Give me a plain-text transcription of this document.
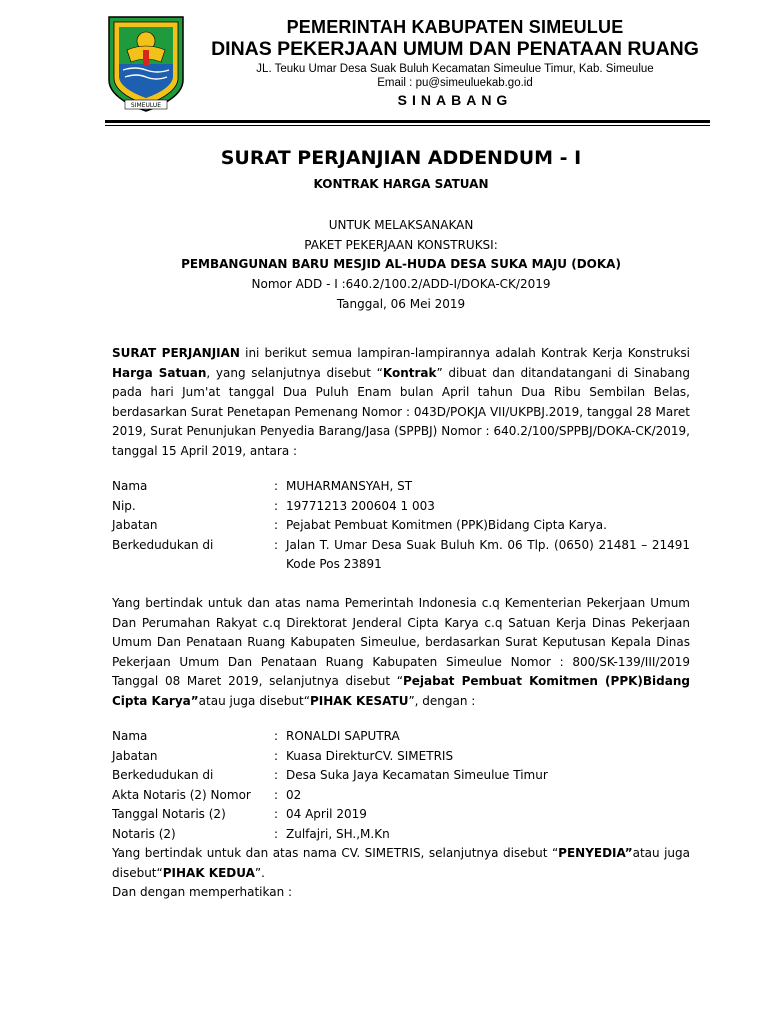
SIMEULUE
PEMERINTAH KABUPATEN SIMEULUE
DINAS PEKERJAAN UMUM DAN PENATAAN RUANG
JL. Teuku Umar Desa Suak Buluh Kecamatan Simeulue Timur, Kab. Simeulue
Email : pu@simeuluekab.go.id
SINABANG
SURAT PERJANJIAN ADDENDUM - I
KONTRAK HARGA SATUAN
UNTUK MELAKSANAKAN
PAKET PEKERJAAN KONSTRUKSI:
PEMBANGUNAN BARU MESJID AL-HUDA DESA SUKA MAJU (DOKA)
Nomor ADD - I :640.2/100.2/ADD-I/DOKA-CK/2019
Tanggal, 06 Mei 2019
SURAT PERJANJIAN ini berikut semua lampiran-lampirannya adalah Kontrak Kerja Konstruksi Harga Satuan, yang selanjutnya disebut “Kontrak” dibuat dan ditandatangani di Sinabang pada hari Jum'at tanggal Dua Puluh Enam bulan April tahun Dua Ribu Sembilan Belas, berdasarkan Surat Penetapan Pemenang Nomor : 043D/POKJA VII/UKPBJ.2019, tanggal 28 Maret 2019, Surat Penunjukan Penyedia Barang/Jasa (SPPBJ) Nomor : 640.2/100/SPPBJ/DOKA-CK/2019, tanggal 15 April 2019, antara :
Nama	: MUHARMANSYAH, ST
Nip.	: 19771213 200604 1 003
Jabatan	: Pejabat Pembuat Komitmen (PPK)Bidang Cipta Karya.
Berkedudukan di	: Jalan T. Umar Desa Suak Buluh Km. 06 Tlp. (0650) 21481 – 21491 Kode Pos 23891
Yang bertindak untuk dan atas nama Pemerintah Indonesia c.q Kementerian Pekerjaan Umum Dan Perumahan Rakyat c.q Direktorat Jenderal Cipta Karya c.q Satuan Kerja Dinas Pekerjaan Umum Dan Penataan Ruang Kabupaten Simeulue, berdasarkan Surat Keputusan Kepala Dinas Pekerjaan Umum Dan Penataan Ruang Kabupaten Simeulue Nomor : 800/SK-139/III/2019 Tanggal 08 Maret 2019, selanjutnya disebut “Pejabat Pembuat Komitmen (PPK)Bidang Cipta Karya”atau juga disebut“PIHAK KESATU”, dengan :
Nama	: RONALDI SAPUTRA
Jabatan	: Kuasa DirekturCV. SIMETRIS
Berkedudukan di	: Desa Suka Jaya Kecamatan Simeulue Timur
Akta Notaris (2) Nomor	: 02
Tanggal Notaris (2)	: 04 April 2019
Notaris (2)	: Zulfajri, SH.,M.Kn

Yang bertindak untuk dan atas nama CV. SIMETRIS, selanjutnya disebut “PENYEDIA”atau juga disebut“PIHAK KEDUA”.

Dan dengan memperhatikan :
